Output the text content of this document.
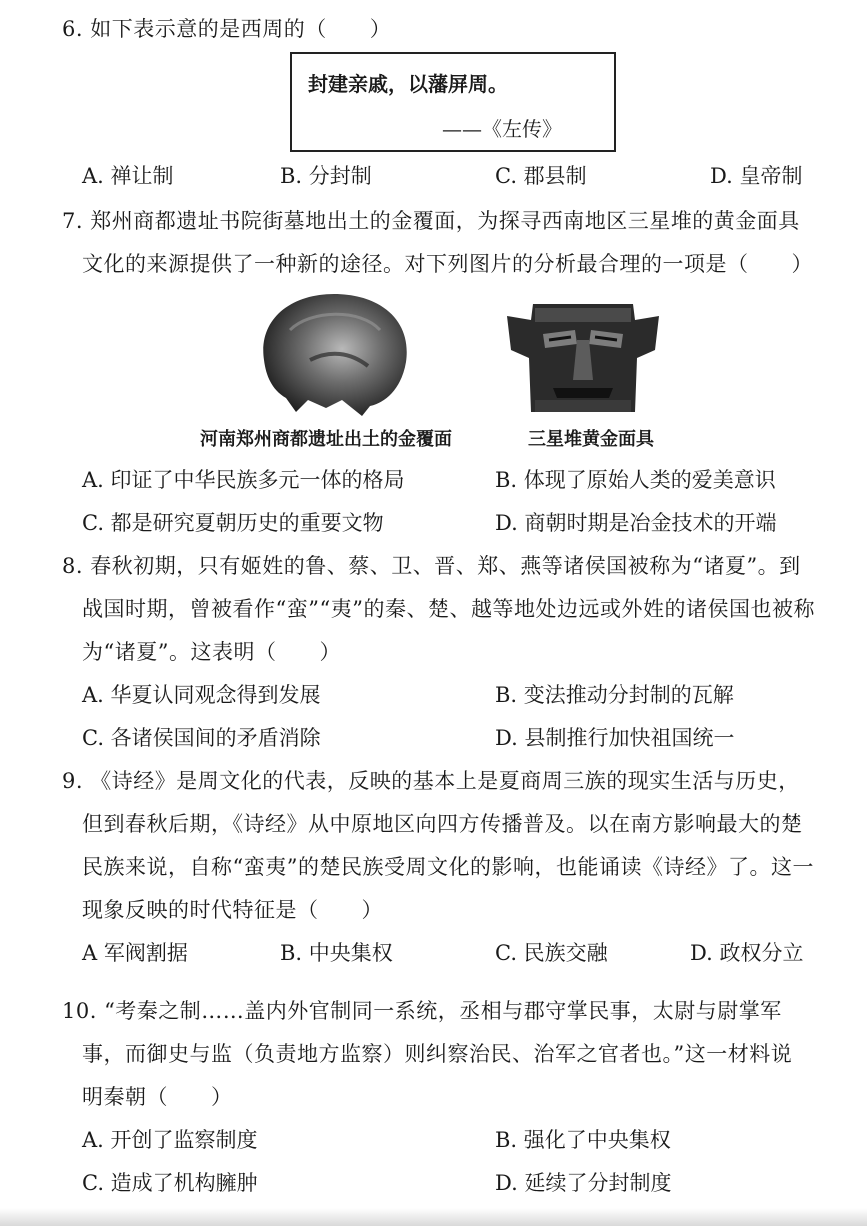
6. 如下表示意的是西周的（　　）
封建亲戚，以藩屏周。
——《左传》
A. 禅让制	B. 分封制	C. 郡县制	D. 皇帝制
7. 郑州商都遗址书院街墓地出土的金覆面，为探寻西南地区三星堆的黄金面具
文化的来源提供了一种新的途径。对下列图片的分析最合理的一项是（　　）
河南郑州商都遗址出土的金覆面	三星堆黄金面具
A. 印证了中华民族多元一体的格局	B. 体现了原始人类的爱美意识
C. 都是研究夏朝历史的重要文物	D. 商朝时期是冶金技术的开端
8. 春秋初期，只有姬姓的鲁、蔡、卫、晋、郑、燕等诸侯国被称为“诸夏”。到
战国时期，曾被看作“蛮”“夷”的秦、楚、越等地处边远或外姓的诸侯国也被称
为“诸夏”。这表明（　　）
A. 华夏认同观念得到发展	B. 变法推动分封制的瓦解
C. 各诸侯国间的矛盾消除	D. 县制推行加快祖国统一
9. 《诗经》是周文化的代表，反映的基本上是夏商周三族的现实生活与历史，
但到春秋后期，《诗经》从中原地区向四方传播普及。以在南方影响最大的楚
民族来说，自称“蛮夷”的楚民族受周文化的影响，也能诵读《诗经》了。这一
现象反映的时代特征是（　　）
A 军阀割据	B. 中央集权	C. 民族交融	D. 政权分立
10. “考秦之制……盖内外官制同一系统，丞相与郡守掌民事，太尉与尉掌军
事，而御史与监（负责地方监察）则纠察治民、治军之官者也。”这一材料说
明秦朝（　　）
A. 开创了监察制度	B. 强化了中央集权
C. 造成了机构臃肿	D. 延续了分封制度
